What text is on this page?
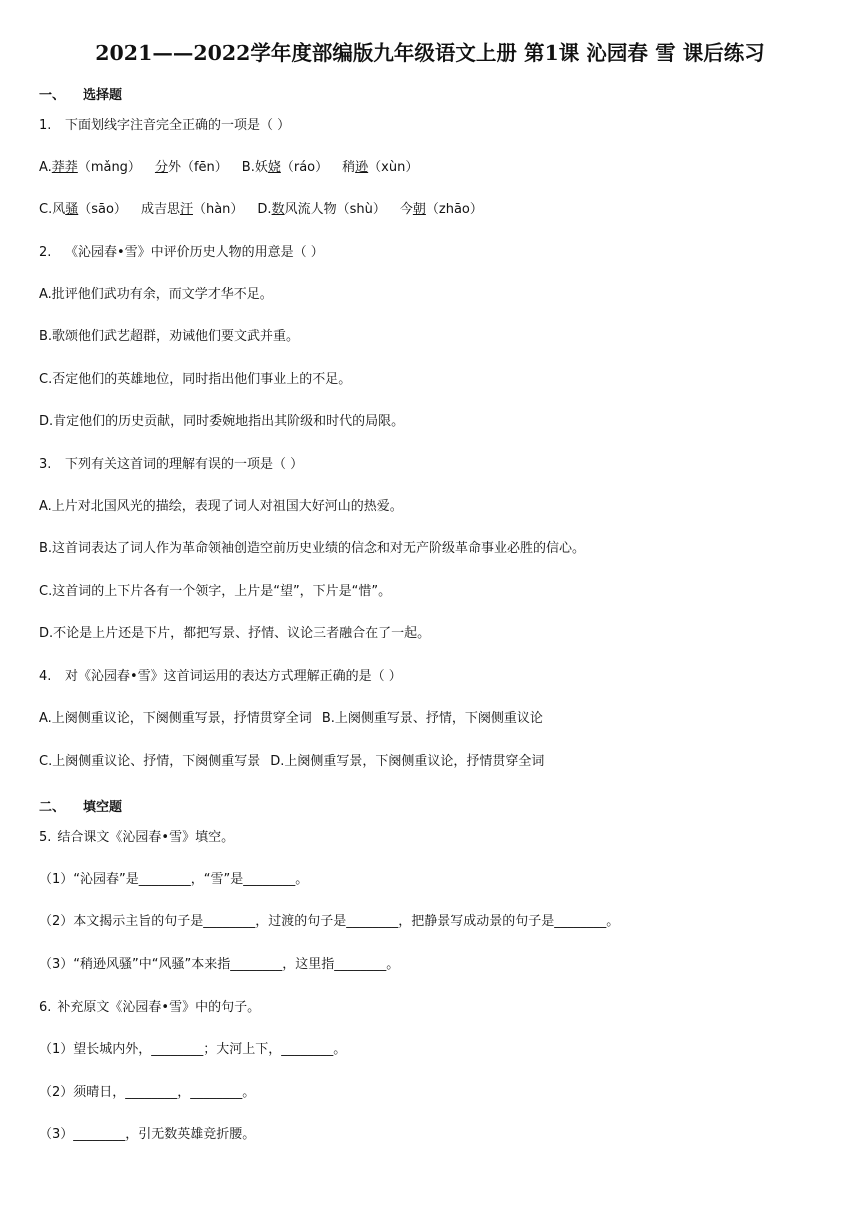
2021——2022学年度部编版九年级语文上册 第1课 沁园春 雪 课后练习
一、 选择题
1. 下面划线字注音完全正确的一项是（ ）
A.莽莽（mǎng） 分外（fēn） B.妖娆（ráo） 稍逊（xùn）
C.风骚（sāo） 成吉思汗（hàn） D.数风流人物（shù） 今朝（zhāo）
2. 《沁园春•雪》中评价历史人物的用意是（ ）
A.批评他们武功有余，而文学才华不足。
B.歌颂他们武艺超群，劝诫他们要文武并重。
C.否定他们的英雄地位，同时指出他们事业上的不足。
D.肯定他们的历史贡献，同时委婉地指出其阶级和时代的局限。
3. 下列有关这首词的理解有误的一项是（ ）
A.上片对北国风光的描绘，表现了词人对祖国大好河山的热爱。
B.这首词表达了词人作为革命领袖创造空前历史业绩的信念和对无产阶级革命事业必胜的信心。
C.这首词的上下片各有一个领字，上片是“望”，下片是“惜”。
D.不论是上片还是下片，都把写景、抒情、议论三者融合在了一起。
4. 对《沁园春•雪》这首词运用的表达方式理解正确的是（ ）
A.上阕侧重议论，下阕侧重写景，抒情贯穿全词 B.上阕侧重写景、抒情，下阕侧重议论
C.上阕侧重议论、抒情，下阕侧重写景 D.上阕侧重写景，下阕侧重议论，抒情贯穿全词
二、 填空题
5. 结合课文《沁园春•雪》填空。
（1）“沁园春”是________，“雪”是________。
（2）本文揭示主旨的句子是________，过渡的句子是________，把静景写成动景的句子是________。
（3）“稍逊风骚”中“风骚”本来指________，这里指________。
6. 补充原文《沁园春•雪》中的句子。
（1）望长城内外，________；大河上下，________。
（2）须晴日，________，________。
（3）________，引无数英雄竞折腰。
